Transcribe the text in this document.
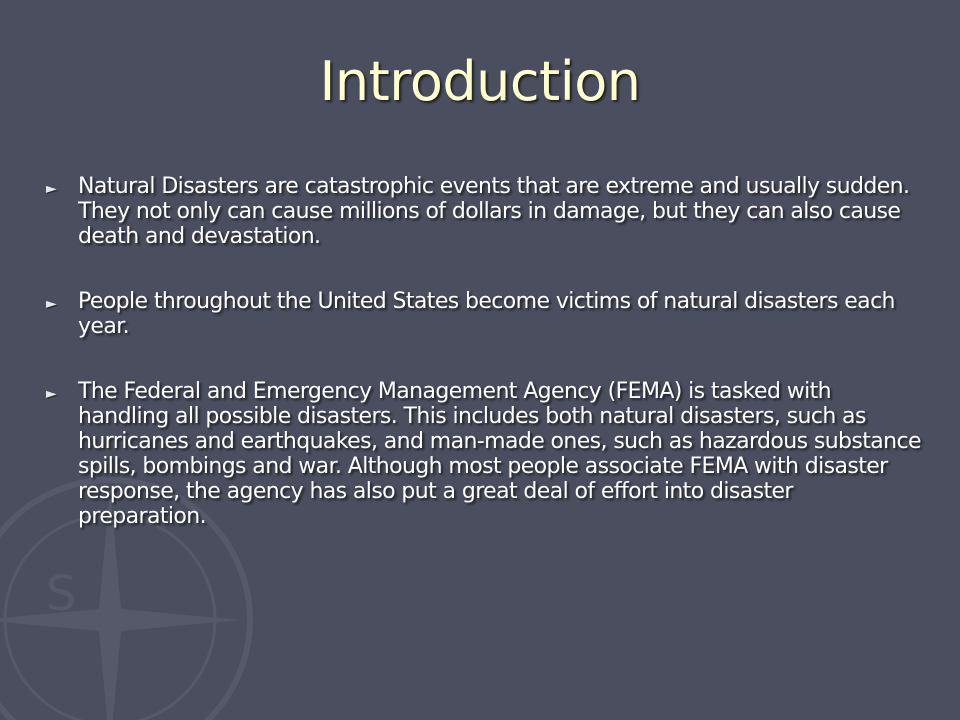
S
Introduction
► Natural Disasters are catastrophic events that are extreme and usually sudden. They not only can cause millions of dollars in damage, but they can also cause death and devastation.
► People throughout the United States become victims of natural disasters each year.
► The Federal and Emergency Management Agency (FEMA) is tasked with handling all possible disasters. This includes both natural disasters, such as hurricanes and earthquakes, and man-made ones, such as hazardous substance spills, bombings and war. Although most people associate FEMA with disaster response, the agency has also put a great deal of effort into disaster preparation.
